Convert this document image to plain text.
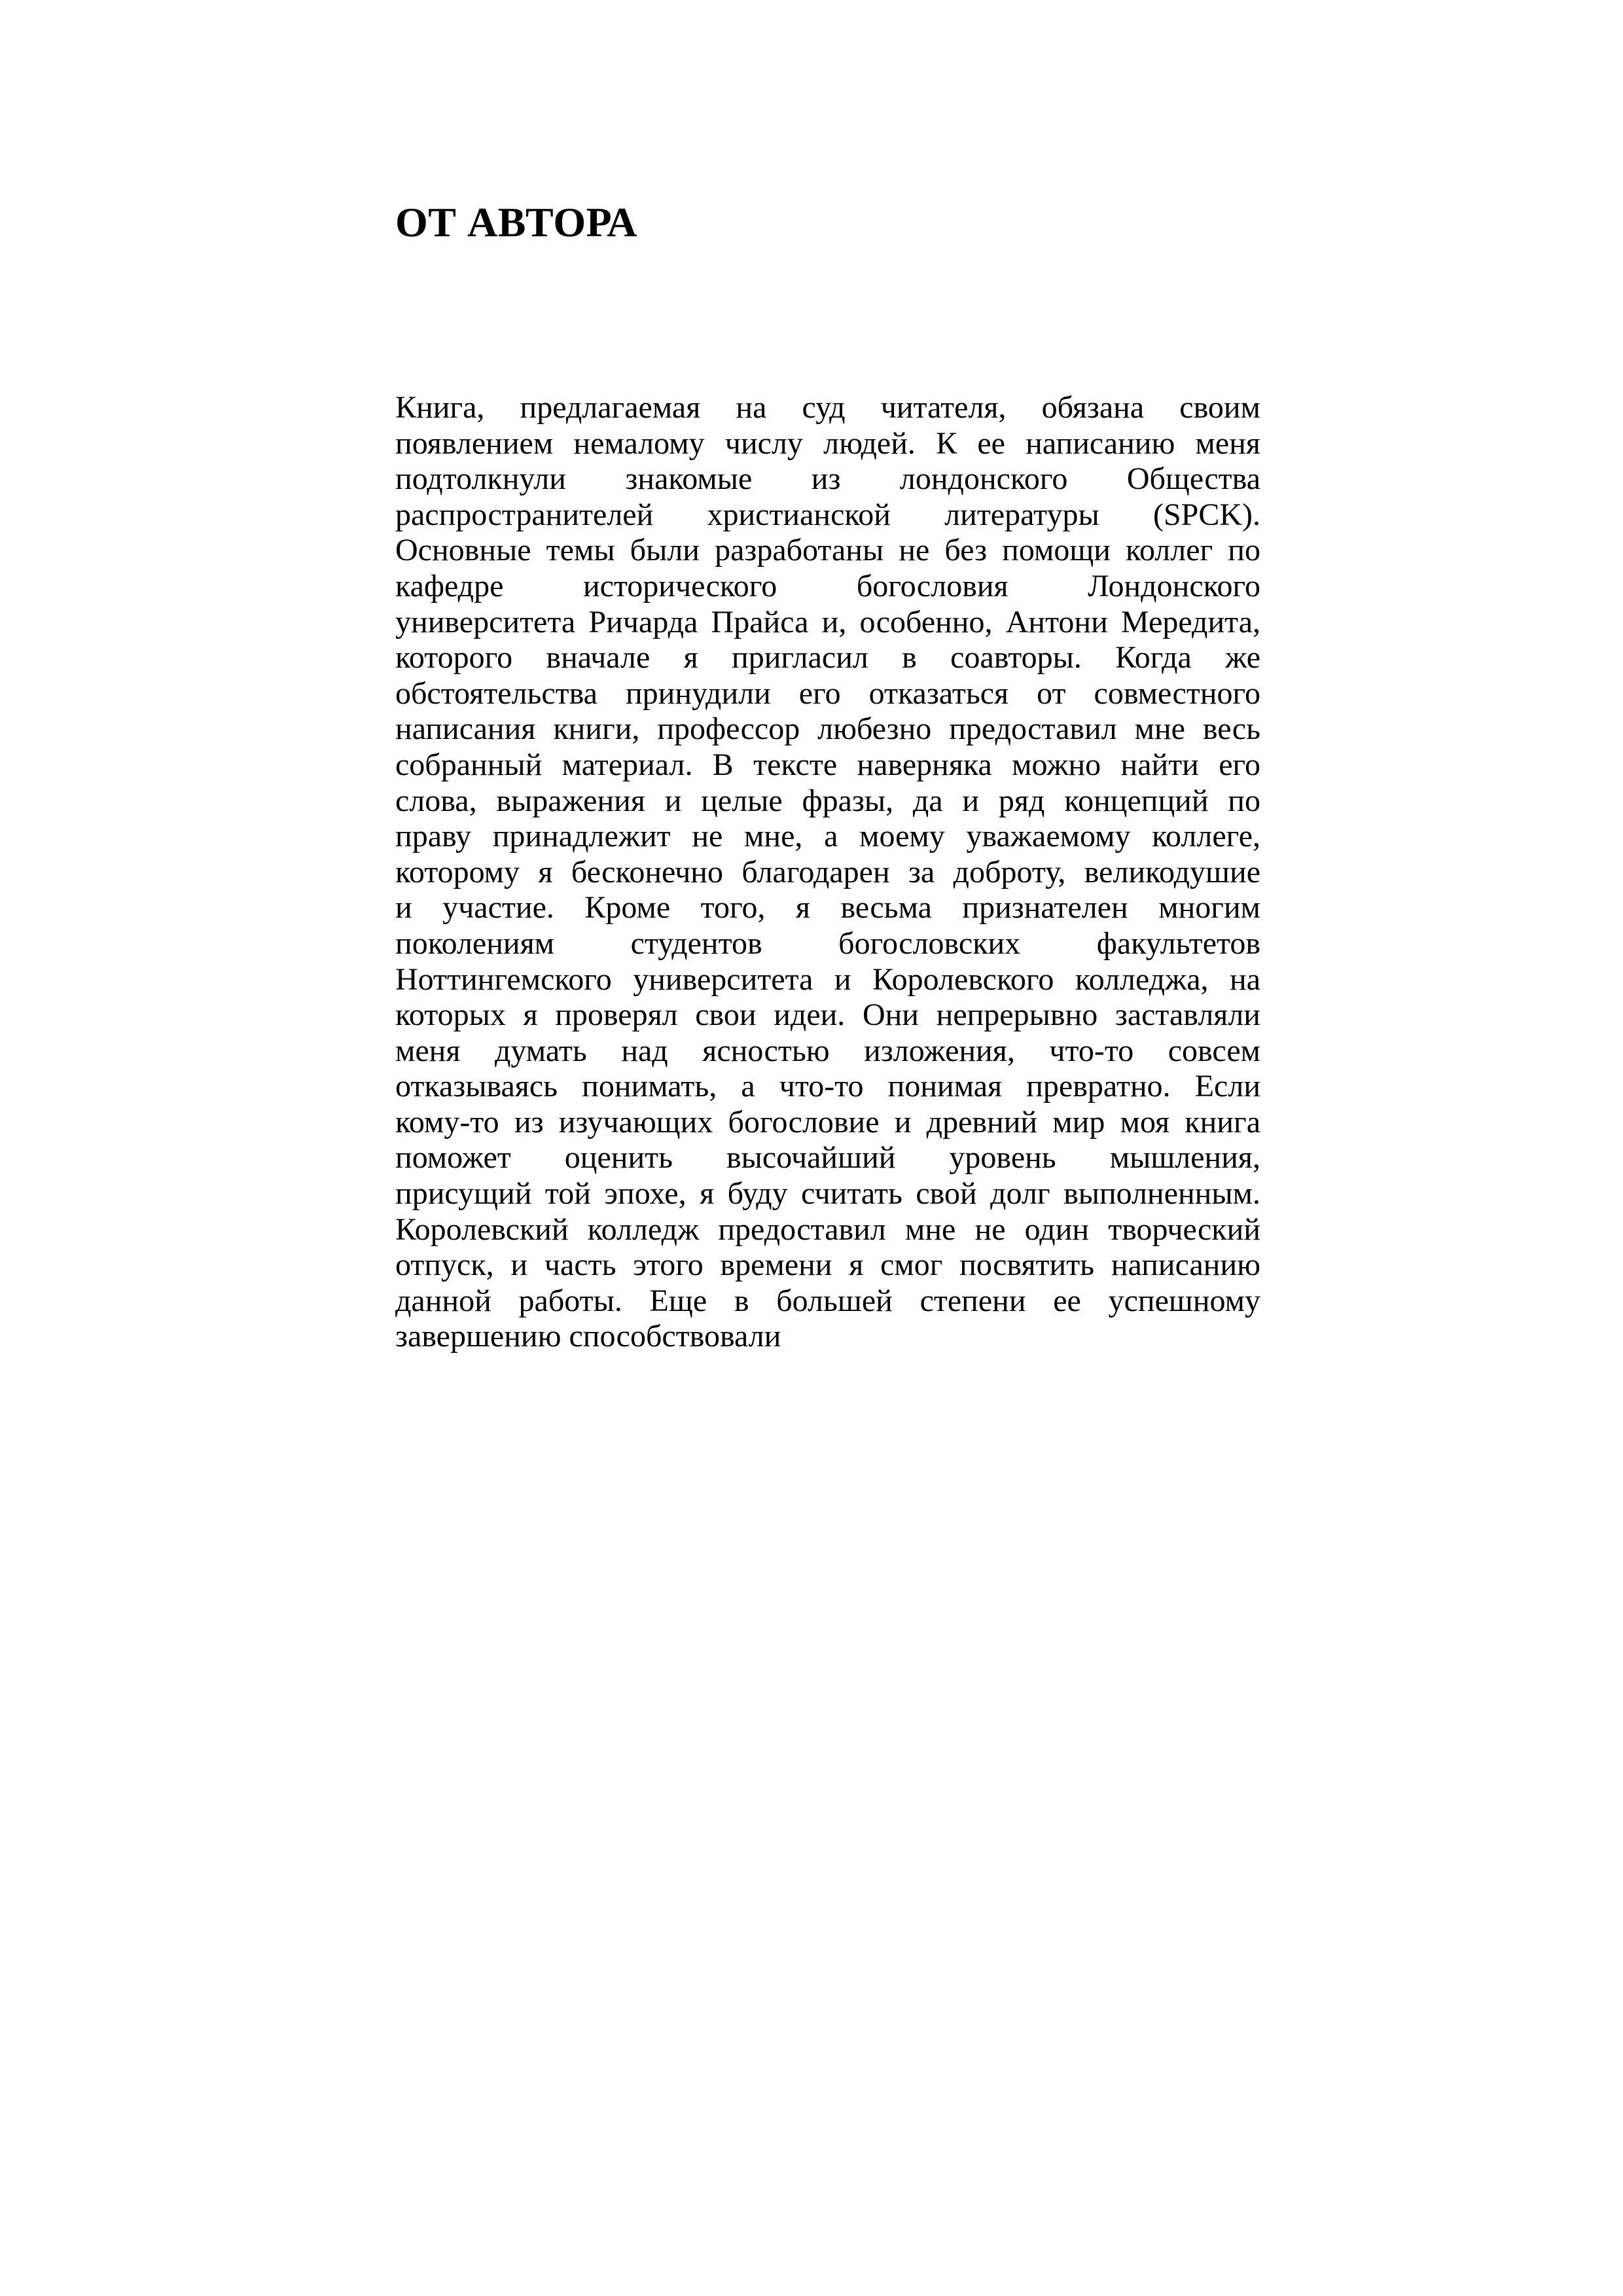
ОТ АВТОРА
Книга, предлагаемая на суд читателя, обязана своим
появлением немалому числу людей. К ее написанию меня
подтолкнули знакомые из лондонского Общества
распространителей христианской литературы (SPCK).
Основные темы были разработаны не без помощи коллег по
кафедре исторического богословия Лондонского
университета Ричарда Прайса и, особенно, Антони Мередита,
которого вначале я пригласил в соавторы. Когда же
обстоятельства принудили его отказаться от совместного
написания книги, профессор любезно предоставил мне весь
собранный материал. В тексте наверняка можно найти его
слова, выражения и целые фразы, да и ряд концепций по
праву принадлежит не мне, а моему уважаемому коллеге,
которому я бесконечно благодарен за доброту, великодушие
и участие. Кроме того, я весьма признателен многим
поколениям студентов богословских факультетов
Ноттингемского университета и Королевского колледжа, на
которых я проверял свои идеи. Они непрерывно заставляли
меня думать над ясностью изложения, что-то совсем
отказываясь понимать, а что-то понимая превратно. Если
кому-то из изучающих богословие и древний мир моя книга
поможет оценить высочайший уровень мышления,
присущий той эпохе, я буду считать свой долг выполненным.
Королевский колледж предоставил мне не один творческий
отпуск, и часть этого времени я смог посвятить написанию
данной работы. Еще в большей степени ее успешному
завершению способствовали
